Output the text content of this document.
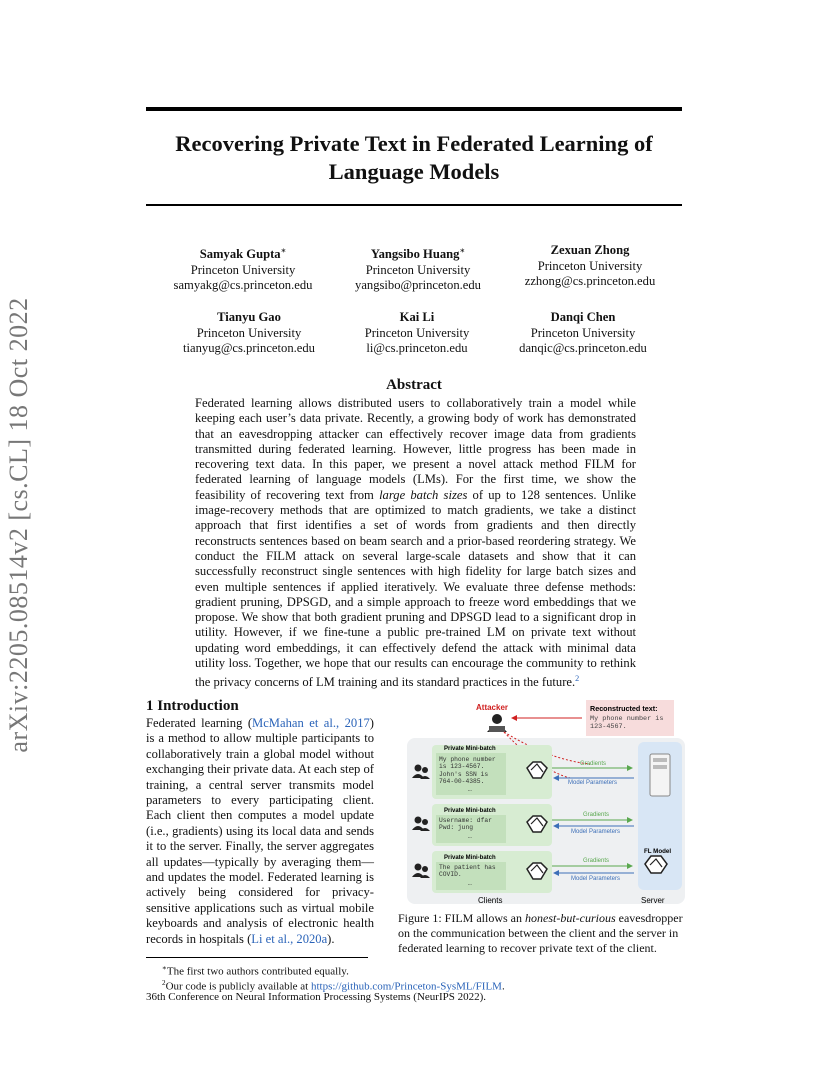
arXiv:2205.08514v2 [cs.CL] 18 Oct 2022
Recovering Private Text in Federated Learning of
Language Models
Samyak Gupta∗
Princeton University
samyakg@cs.princeton.edu
Yangsibo Huang∗
Princeton University
yangsibo@princeton.edu
Zexuan Zhong
Princeton University
zzhong@cs.princeton.edu
Tianyu Gao
Princeton University
tianyug@cs.princeton.edu
Kai Li
Princeton University
li@cs.princeton.edu
Danqi Chen
Princeton University
danqic@cs.princeton.edu
Abstract
Federated learning allows distributed users to collaboratively train a model while keeping each user’s data private. Recently, a growing body of work has demonstrated that an eavesdropping attacker can effectively recover image data from gradients transmitted during federated learning. However, little progress has been made in recovering text data. In this paper, we present a novel attack method FILM for federated learning of language models (LMs). For the first time, we show the feasibility of recovering text from large batch sizes of up to 128 sentences. Unlike image-recovery methods that are optimized to match gradients, we take a distinct approach that first identifies a set of words from gradients and then directly reconstructs sentences based on beam search and a prior-based reordering strategy. We conduct the FILM attack on several large-scale datasets and show that it can successfully reconstruct single sentences with high fidelity for large batch sizes and even multiple sentences if applied iteratively. We evaluate three defense methods: gradient pruning, DPSGD, and a simple approach to freeze word embeddings that we propose. We show that both gradient pruning and DPSGD lead to a significant drop in utility. However, if we fine-tune a public pre-trained LM on private text without updating word embeddings, it can effectively defend the attack with minimal data utility loss. Together, we hope that our results can encourage the community to rethink the privacy concerns of LM training and its standard practices in the future.$^2$
1 Introduction
Federated learning (McMahan et al., 2017) is a method to allow multiple participants to collaboratively train a global model without exchanging their private data. At each step of training, a central server transmits model parameters to every participating client. Each client then computes a model update (i.e., gradients) using its local data and sends it to the server. Finally, the server aggregates all updates—typically by averaging them—and updates the model. Federated learning is actively being considered for privacy-sensitive applications such as virtual mobile keyboards and analysis of electronic health records in hospitals (Li et al., 2020a).
Reconstructed text:
My phone number is
123-4567.
Attacker
Private Mini-batch
My phone number is 123-4567. John's SSN is 764-00-4385. …
Gradients
Model Parameters
Private Mini-batch
Username: dfar Pwd: jung …
Gradients
Model Parameters
Private Mini-batch
The patient has COVID. …
Gradients
Model Parameters
FL Model
Clients	Server
Figure 1: FILM allows an honest-but-curious eavesdropper on the communication between the client and the server in federated learning to recover private text of the client.
∗The first two authors contributed equally.
$^2$Our code is publicly available at https://github.com/Princeton-SysML/FILM.
36th Conference on Neural Information Processing Systems (NeurIPS 2022).
